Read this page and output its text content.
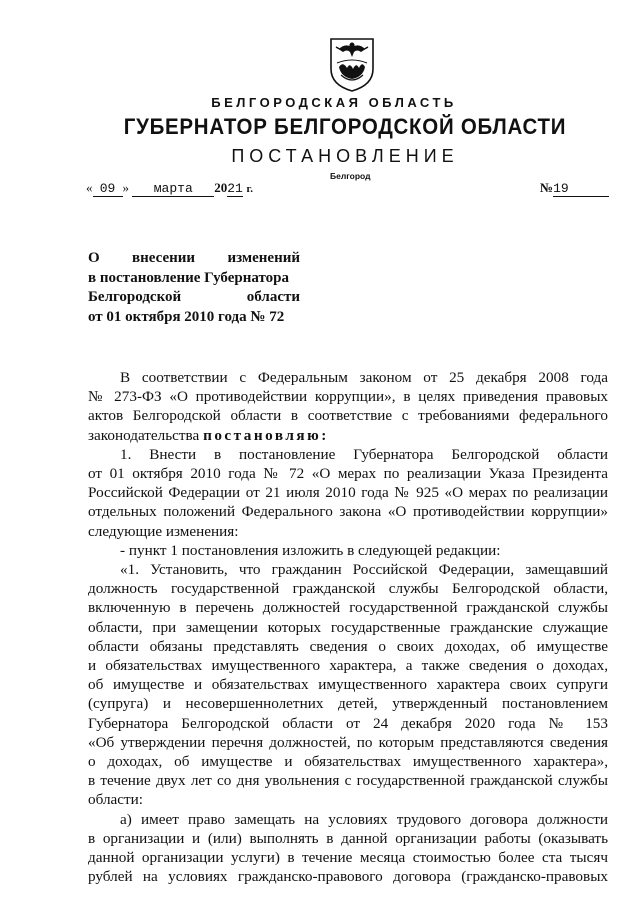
БЕЛГОРОДСКАЯ ОБЛАСТЬ
ГУБЕРНАТОР БЕЛГОРОДСКОЙ ОБЛАСТИ
ПОСТАНОВЛЕНИЕ
Белгород
« 09 » марта 2021 г.	№19
О внесении изменений
в постановление Губернатора
Белгородской	области
от 01 октября 2010 года № 72
В соответствии с Федеральным законом от 25 декабря 2008 года
№ 273-ФЗ «О противодействии коррупции», в целях приведения правовых
актов Белгородской области в соответствие с требованиями федерального
законодательства постановляю:
1. Внести в постановление Губернатора Белгородской области
от 01 октября 2010 года № 72 «О мерах по реализации Указа Президента
Российской Федерации от 21 июля 2010 года № 925 «О мерах по реализации
отдельных положений Федерального закона «О противодействии коррупции»
следующие изменения:
- пункт 1 постановления изложить в следующей редакции:
«1. Установить, что гражданин Российской Федерации, замещавший
должность государственной гражданской службы Белгородской области,
включенную в перечень должностей государственной гражданской службы
области, при замещении которых государственные гражданские служащие
области обязаны представлять сведения о своих доходах, об имуществе
и обязательствах имущественного характера, а также сведения о доходах,
об имуществе и обязательствах имущественного характера своих супруги
(супруга) и несовершеннолетних детей, утвержденный постановлением
Губернатора Белгородской области от 24 декабря 2020 года № 153
«Об утверждении перечня должностей, по которым представляются сведения
о доходах, об имуществе и обязательствах имущественного характера»,
в течение двух лет со дня увольнения с государственной гражданской службы
области:
а) имеет право замещать на условиях трудового договора должности
в организации и (или) выполнять в данной организации работы (оказывать
данной организации услуги) в течение месяца стоимостью более ста тысяч
рублей на условиях гражданско-правового договора (гражданско-правовых
